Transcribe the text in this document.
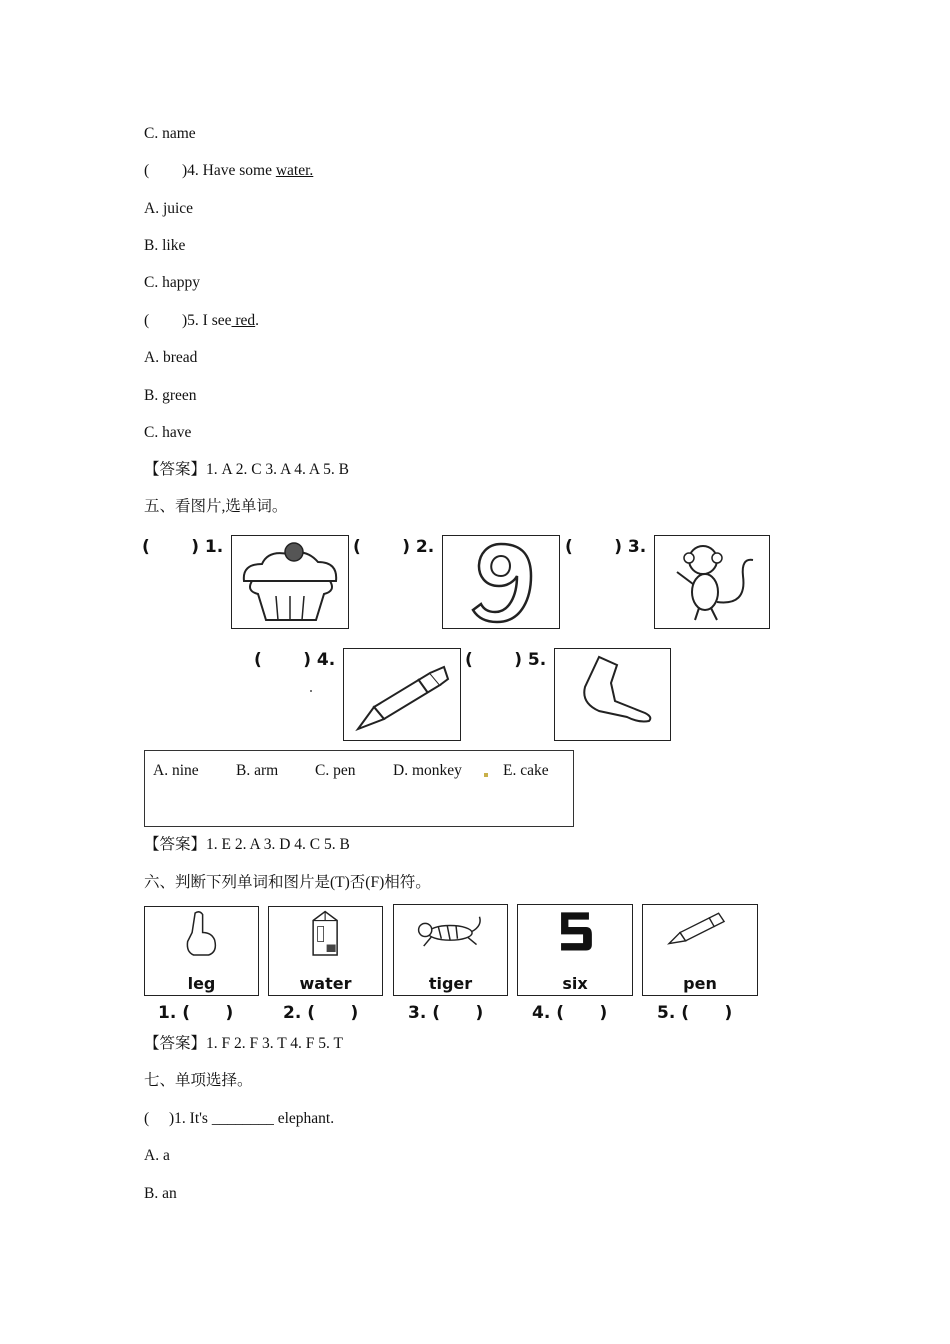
C. name
( )4. Have some water.
A. juice
B. like
C. happy
( )5. I see red.
A. bread
B. green
C. have
【答案】1. A 2. C 3. A 4. A 5. B
五、看图片,选单词。
(       ) 1.	(       ) 2.	(       ) 3.
(       ) 4.	(       ) 5.
A. nine B. arm C. pen D. monkey	E. cake
【答案】1. E 2. A 3. D 4. C 5. B
六、判断下列单词和图片是(T)否(F)相符。
leg	water	tiger	six	pen
1. (      )	2. (      )	3. (      )	4. (      )	5. (      )
【答案】1. F 2. F 3. T 4. F 5. T
七、单项选择。
( )1. It's ________ elephant.
A. a
B. an
